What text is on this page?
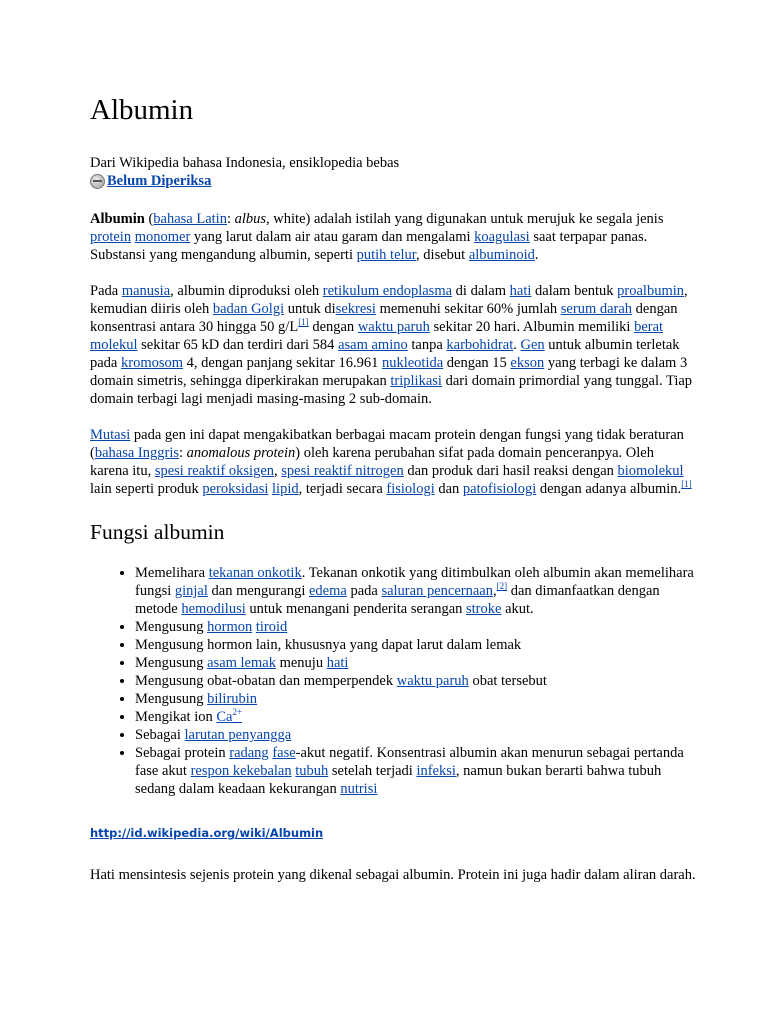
Albumin
Dari Wikipedia bahasa Indonesia, ensiklopedia bebas
Belum Diperiksa

Albumin (bahasa Latin: albus, white) adalah istilah yang digunakan untuk merujuk ke segala jenis protein monomer yang larut dalam air atau garam dan mengalami koagulasi saat terpapar panas. Substansi yang mengandung albumin, seperti putih telur, disebut albuminoid.

Pada manusia, albumin diproduksi oleh retikulum endoplasma di dalam hati dalam bentuk proalbumin, kemudian diiris oleh badan Golgi untuk disekresi memenuhi sekitar 60% jumlah serum darah dengan konsentrasi antara 30 hingga 50 g/L[1] dengan waktu paruh sekitar 20 hari. Albumin memiliki berat molekul sekitar 65 kD dan terdiri dari 584 asam amino tanpa karbohidrat. Gen untuk albumin terletak pada kromosom 4, dengan panjang sekitar 16.961 nukleotida dengan 15 ekson yang terbagi ke dalam 3 domain simetris, sehingga diperkirakan merupakan triplikasi dari domain primordial yang tunggal. Tiap domain terbagi lagi menjadi masing-masing 2 sub-domain.

Mutasi pada gen ini dapat mengakibatkan berbagai macam protein dengan fungsi yang tidak beraturan (bahasa Inggris: anomalous protein) oleh karena perubahan sifat pada domain penceranpya. Oleh karena itu, spesi reaktif oksigen, spesi reaktif nitrogen dan produk dari hasil reaksi dengan biomolekul lain seperti produk peroksidasi lipid, terjadi secara fisiologi dan patofisiologi dengan adanya albumin.[1]

Fungsi albumin
• Memelihara tekanan onkotik. Tekanan onkotik yang ditimbulkan oleh albumin akan memelihara fungsi ginjal dan mengurangi edema pada saluran pencernaan,[2] dan dimanfaatkan dengan metode hemodilusi untuk menangani penderita serangan stroke akut.
• Mengusung hormon tiroid
• Mengusung hormon lain, khususnya yang dapat larut dalam lemak
• Mengusung asam lemak menuju hati
• Mengusung obat-obatan dan memperpendek waktu paruh obat tersebut
• Mengusung bilirubin
• Mengikat ion $Ca^{2+}$
• Sebagai larutan penyangga
• Sebagai protein radang fase-akut negatif. Konsentrasi albumin akan menurun sebagai pertanda fase akut respon kekebalan tubuh setelah terjadi infeksi, namun bukan berarti bahwa tubuh sedang dalam keadaan kekurangan nutrisi
http://id.wikipedia.org/wiki/Albumin

Hati mensintesis sejenis protein yang dikenal sebagai albumin. Protein ini juga hadir dalam aliran darah.
